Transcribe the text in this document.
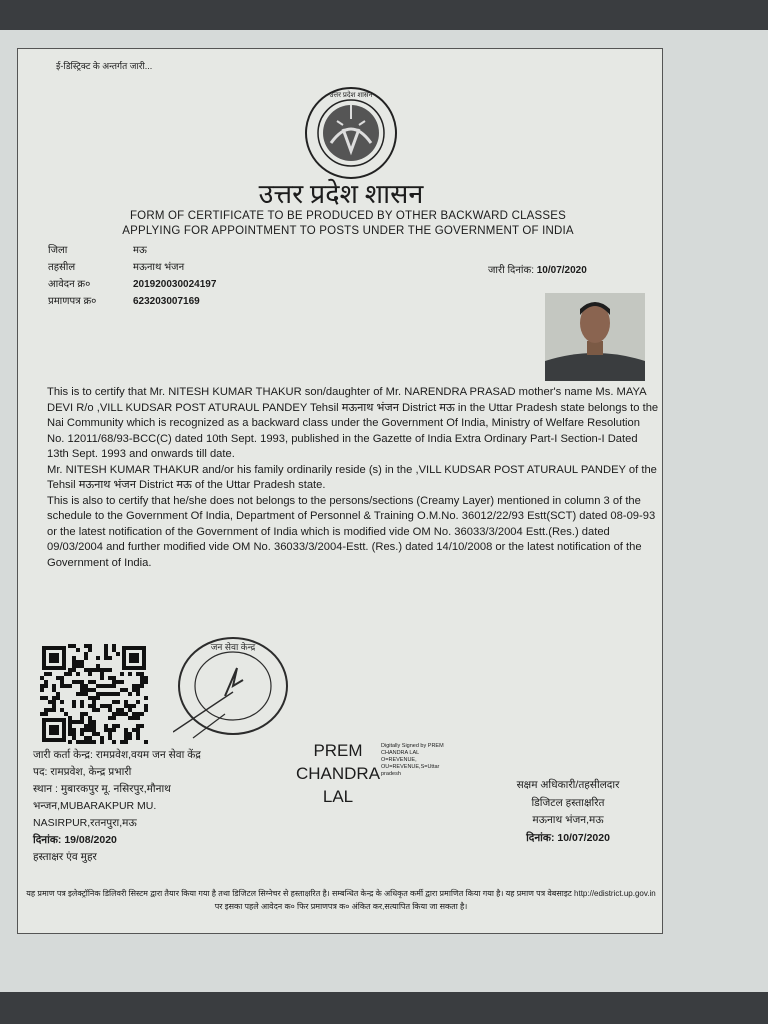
ई-डिस्ट्रिक्ट के अन्तर्गत जारी...
उत्तर प्रदेश शासन
उत्तर प्रदेश शासन
FORM OF CERTIFICATE TO BE PRODUCED BY OTHER BACKWARD CLASSES
APPLYING FOR APPOINTMENT TO POSTS UNDER THE GOVERNMENT OF INDIA
जिला	मऊ
तहसील	मऊनाथ भंजन
आवेदन क्र०	201920030024197
प्रमाणपत्र क्र०	623203007169
जारी दिनांक: 10/07/2020

This is to certify that Mr. NITESH KUMAR THAKUR son/daughter of Mr. NARENDRA PRASAD mother's name Ms. MAYA DEVI R/o ,VILL KUDSAR POST ATURAUL PANDEY Tehsil मऊनाथ भंजन District मऊ in the Uttar Pradesh state belongs to the Nai Community which is recognized as a backward class under the Government Of India, Ministry of Welfare Resolution No. 12011/68/93-BCC(C) dated 10th Sept. 1993, published in the Gazette of India Extra Ordinary Part-I Section-I Dated 13th Sept. 1993 and onwards till date.

Mr. NITESH KUMAR THAKUR and/or his family ordinarily reside (s) in the ,VILL KUDSAR POST ATURAUL PANDEY of the Tehsil मऊनाथ भंजन District मऊ of the Uttar Pradesh state.

This is also to certify that he/she does not belongs to the persons/sections (Creamy Layer) mentioned in column 3 of the schedule to the Government Of India, Department of Personnel & Training O.M.No. 36012/22/93 Estt(SCT) dated 08-09-93 or the latest notification of the Government of India which is modified vide OM No. 36033/3/2004 Estt.(Res.) dated 09/03/2004 and further modified vide OM No. 36033/3/2004-Estt. (Res.) dated 14/10/2008 or the latest notification of the Government of India.

जन सेवा केन्द्र
जारी कर्ता केन्द्र: रामप्रवेश,वयम जन सेवा केंद्र
पद: रामप्रवेश, केन्द्र प्रभारी
स्थान : मुबारकपुर मू. नसिरपुर,मौनाथ
भन्जन,MUBARAKPUR MU.
NASIRPUR,रतनपुरा,मऊ
दिनांक: 19/08/2020
हस्ताक्षर एंव मुहर
PREM
CHANDRA
LAL
Digitally Signed by PREM
CHANDRA LAL
O=REVENUE,
OU=REVENUE,S=Uttar
pradesh
सक्षम अधिकारी/तहसीलदार
डिजिटल हस्ताक्षरित
मऊनाथ भंजन,मऊ
दिनांक: 10/07/2020
यह प्रमाण पत्र इलेक्ट्रॉनिक डिलिवरी सिस्टम द्वारा तैयार किया गया है तथा डिजिटल सिग्नेचर से हस्ताक्षरित है। सम्बन्धित केन्द्र के अधिकृत कर्मी द्वारा प्रमाणित किया गया है। यह प्रमाण पत्र वेबसाइट http://edistrict.up.gov.in पर इसका पहले आवेदन क० फिर प्रमाणपत्र क० अंकित कर,सत्यापित किया जा सकता है।
